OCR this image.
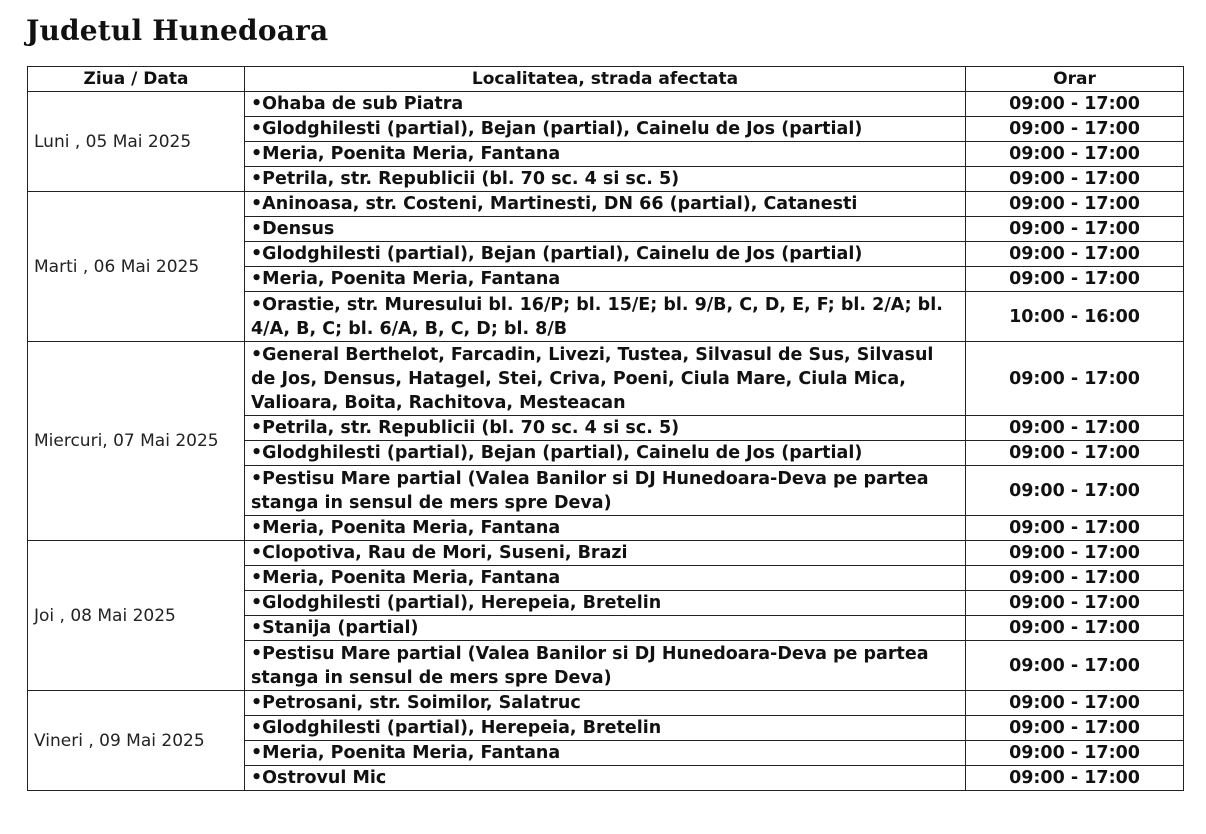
Judetul Hunedoara
Ziua / Data	Localitatea, strada afectata	Orar
Luni , 05 Mai 2025	•Ohaba de sub Piatra	09:00 - 17:00
	•Glodghilesti (partial), Bejan (partial), Cainelu de Jos (partial)	09:00 - 17:00
	•Meria, Poenita Meria, Fantana	09:00 - 17:00
	•Petrila, str. Republicii (bl. 70 sc. 4 si sc. 5)	09:00 - 17:00
Marti , 06 Mai 2025	•Aninoasa, str. Costeni, Martinesti, DN 66 (partial), Catanesti	09:00 - 17:00
	•Densus	09:00 - 17:00
	•Glodghilesti (partial), Bejan (partial), Cainelu de Jos (partial)	09:00 - 17:00
	•Meria, Poenita Meria, Fantana	09:00 - 17:00
	•Orastie, str. Muresului bl. 16/P; bl. 15/E; bl. 9/B, C, D, E, F; bl. 2/A; bl. 4/A, B, C; bl. 6/A, B, C, D; bl. 8/B	10:00 - 16:00
Miercuri, 07 Mai 2025	•General Berthelot, Farcadin, Livezi, Tustea, Silvasul de Sus, Silvasul de Jos, Densus, Hatagel, Stei, Criva, Poeni, Ciula Mare, Ciula Mica, Valioara, Boita, Rachitova, Mesteacan	09:00 - 17:00
	•Petrila, str. Republicii (bl. 70 sc. 4 si sc. 5)	09:00 - 17:00
	•Glodghilesti (partial), Bejan (partial), Cainelu de Jos (partial)	09:00 - 17:00
	•Pestisu Mare partial (Valea Banilor si DJ Hunedoara-Deva pe partea stanga in sensul de mers spre Deva)	09:00 - 17:00
	•Meria, Poenita Meria, Fantana	09:00 - 17:00
Joi , 08 Mai 2025	•Clopotiva, Rau de Mori, Suseni, Brazi	09:00 - 17:00
	•Meria, Poenita Meria, Fantana	09:00 - 17:00
	•Glodghilesti (partial), Herepeia, Bretelin	09:00 - 17:00
	•Stanija (partial)	09:00 - 17:00
	•Pestisu Mare partial (Valea Banilor si DJ Hunedoara-Deva pe partea stanga in sensul de mers spre Deva)	09:00 - 17:00
Vineri , 09 Mai 2025	•Petrosani, str. Soimilor, Salatruc	09:00 - 17:00
	•Glodghilesti (partial), Herepeia, Bretelin	09:00 - 17:00
	•Meria, Poenita Meria, Fantana	09:00 - 17:00
	•Ostrovul Mic	09:00 - 17:00
